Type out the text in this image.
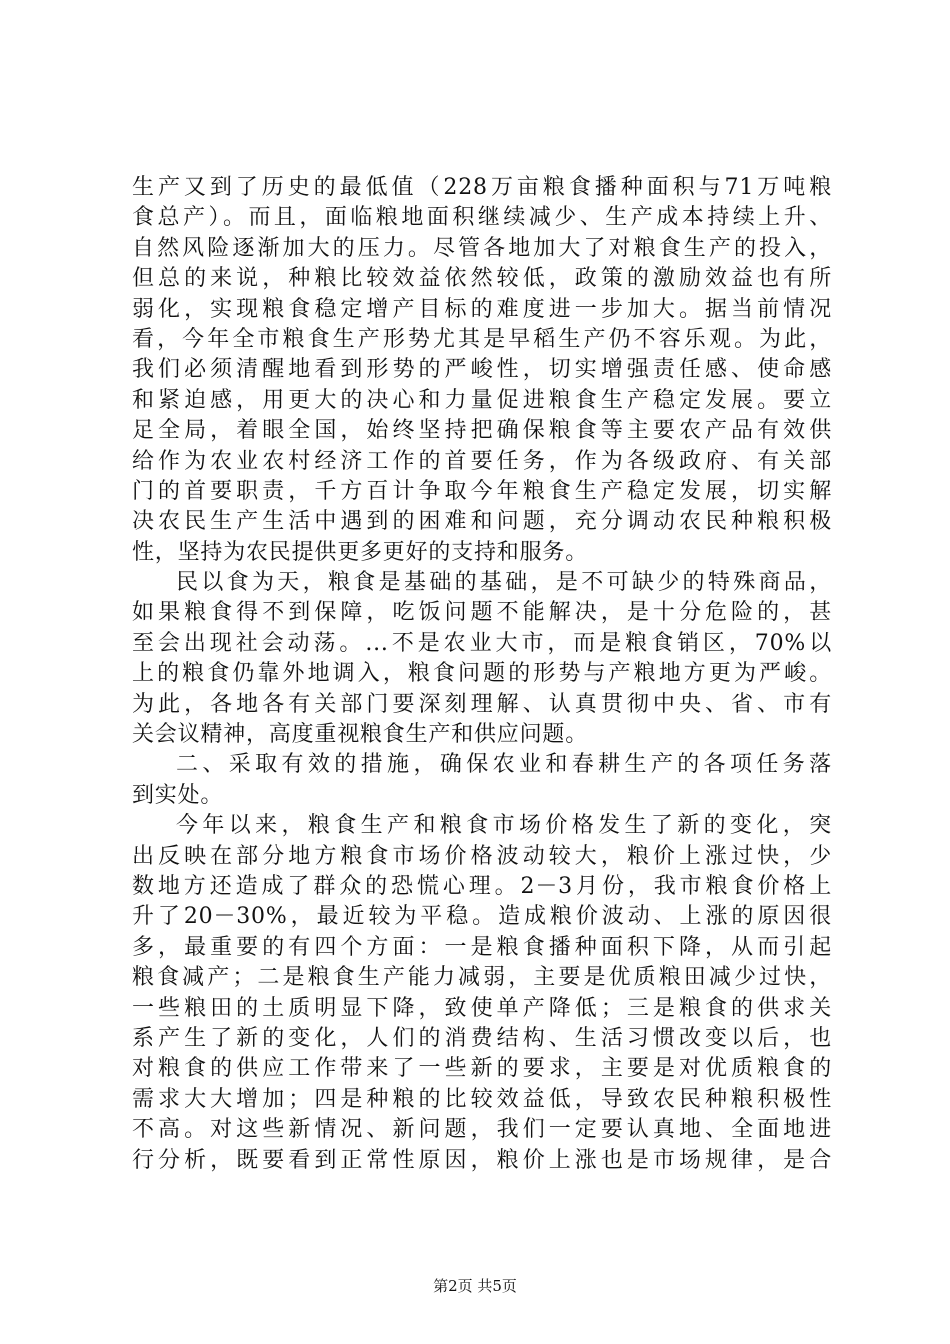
生产又到了历史的最低值（228万亩粮食播种面积与71万吨粮
食总产）。而且，面临粮地面积继续减少、生产成本持续上升、
自然风险逐渐加大的压力。尽管各地加大了对粮食生产的投入，
但总的来说，种粮比较效益依然较低，政策的激励效益也有所
弱化，实现粮食稳定增产目标的难度进一步加大。据当前情况
看，今年全市粮食生产形势尤其是早稻生产仍不容乐观。为此，
我们必须清醒地看到形势的严峻性，切实增强责任感、使命感
和紧迫感，用更大的决心和力量促进粮食生产稳定发展。要立
足全局，着眼全国，始终坚持把确保粮食等主要农产品有效供
给作为农业农村经济工作的首要任务，作为各级政府、有关部
门的首要职责，千方百计争取今年粮食生产稳定发展，切实解
决农民生产生活中遇到的困难和问题，充分调动农民种粮积极
性，坚持为农民提供更多更好的支持和服务。
民以食为天，粮食是基础的基础，是不可缺少的特殊商品，
如果粮食得不到保障，吃饭问题不能解决，是十分危险的，甚
至会出现社会动荡。...不是农业大市，而是粮食销区，70%以
上的粮食仍靠外地调入，粮食问题的形势与产粮地方更为严峻。
为此，各地各有关部门要深刻理解、认真贯彻中央、省、市有
关会议精神，高度重视粮食生产和供应问题。
二、采取有效的措施，确保农业和春耕生产的各项任务落
到实处。
今年以来，粮食生产和粮食市场价格发生了新的变化，突
出反映在部分地方粮食市场价格波动较大，粮价上涨过快，少
数地方还造成了群众的恐慌心理。2－3月份，我市粮食价格上
升了20－30%，最近较为平稳。造成粮价波动、上涨的原因很
多，最重要的有四个方面：一是粮食播种面积下降，从而引起
粮食减产；二是粮食生产能力减弱，主要是优质粮田减少过快，
一些粮田的土质明显下降，致使单产降低；三是粮食的供求关
系产生了新的变化，人们的消费结构、生活习惯改变以后，也
对粮食的供应工作带来了一些新的要求，主要是对优质粮食的
需求大大增加；四是种粮的比较效益低，导致农民种粮积极性
不高。对这些新情况、新问题，我们一定要认真地、全面地进
行分析，既要看到正常性原因，粮价上涨也是市场规律，是合
第2页 共5页
